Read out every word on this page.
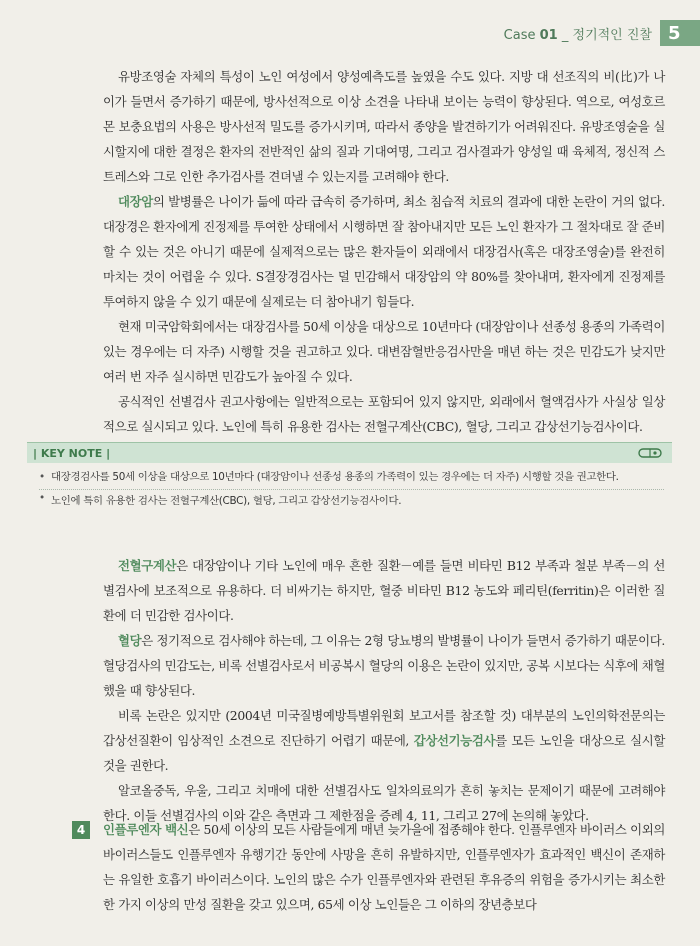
Case 01 _ 정기적인 진찰 5

유방조영술 자체의 특성이 노인 여성에서 양성예측도를 높였을 수도 있다. 지방 대 선조직의 비(比)가 나이가 들면서 증가하기 때문에, 방사선적으로 이상 소견을 나타내 보이는 능력이 향상된다. 역으로, 여성호르몬 보충요법의 사용은 방사선적 밀도를 증가시키며, 따라서 종양을 발견하기가 어려워진다. 유방조영술을 실시할지에 대한 결정은 환자의 전반적인 삶의 질과 기대여명, 그리고 검사결과가 양성일 때 육체적, 정신적 스트레스와 그로 인한 추가검사를 견뎌낼 수 있는지를 고려해야 한다.

대장암의 발병률은 나이가 듦에 따라 급속히 증가하며, 최소 침습적 치료의 결과에 대한 논란이 거의 없다. 대장경은 환자에게 진정제를 투여한 상태에서 시행하면 잘 참아내지만 모든 노인 환자가 그 절차대로 잘 준비할 수 있는 것은 아니기 때문에 실제적으로는 많은 환자들이 외래에서 대장검사(혹은 대장조영술)를 완전히 마치는 것이 어렵울 수 있다. S결장경검사는 덜 민감해서 대장암의 약 80%를 찾아내며, 환자에게 진정제를 투여하지 않을 수 있기 때문에 실제로는 더 참아내기 힘들다.

현재 미국암학회에서는 대장검사를 50세 이상을 대상으로 10년마다 (대장암이나 선종성 용종의 가족력이 있는 경우에는 더 자주) 시행할 것을 권고하고 있다. 대변잠혈반응검사만을 매년 하는 것은 민감도가 낮지만 여러 번 자주 실시하면 민감도가 높아질 수 있다.

공식적인 선별검사 권고사항에는 일반적으로는 포함되어 있지 않지만, 외래에서 혈액검사가 사실상 일상적으로 실시되고 있다. 노인에 특히 유용한 검사는 전혈구계산(CBC), 혈당, 그리고 갑상선기능검사이다.

| KEY NOTE |
• 대장경검사를 50세 이상을 대상으로 10년마다 (대장암이나 선종성 용종의 가족력이 있는 경우에는 더 자주) 시행할 것을 권고한다.
• 노인에 특히 유용한 검사는 전혈구계산(CBC), 혈당, 그리고 갑상선기능검사이다.

전혈구계산은 대장암이나 기타 노인에 매우 흔한 질환－예를 들면 비타민 B12 부족과 철분 부족－의 선별검사에 보조적으로 유용하다. 더 비싸기는 하지만, 혈중 비타민 B12 농도와 페리틴(ferritin)은 이러한 질환에 더 민감한 검사이다.

혈당은 정기적으로 검사해야 하는데, 그 이유는 2형 당뇨병의 발병률이 나이가 들면서 증가하기 때문이다. 혈당검사의 민감도는, 비록 선별검사로서 비공복시 혈당의 이용은 논란이 있지만, 공복 시보다는 식후에 채혈했을 때 향상된다.

비록 논란은 있지만 (2004년 미국질병예방특별위원회 보고서를 참조할 것) 대부분의 노인의학전문의는 갑상선질환이 임상적인 소견으로 진단하기 어렵기 때문에, 갑상선기능검사를 모든 노인을 대상으로 실시할 것을 권한다.

알코올중독, 우울, 그리고 치매에 대한 선별검사도 일차의료의가 흔히 놓치는 문제이기 때문에 고려해야 한다. 이들 선별검사의 이와 같은 측면과 그 제한점을 증례 4, 11, 그리고 27에 논의해 놓았다.

4	인플루엔자 백신은 50세 이상의 모든 사람들에게 매년 늦가을에 접종해야 한다. 인플루엔자 바이러스 이외의 바이러스들도 인플루엔자 유행기간 동안에 사망을 흔히 유발하지만, 인플루엔자가 효과적인 백신이 존재하는 유일한 호흡기 바이러스이다. 노인의 많은 수가 인플루엔자와 관련된 후유증의 위험을 증가시키는 최소한 한 가지 이상의 만성 질환을 갖고 있으며, 65세 이상 노인들은 그 이하의 장년층보다
